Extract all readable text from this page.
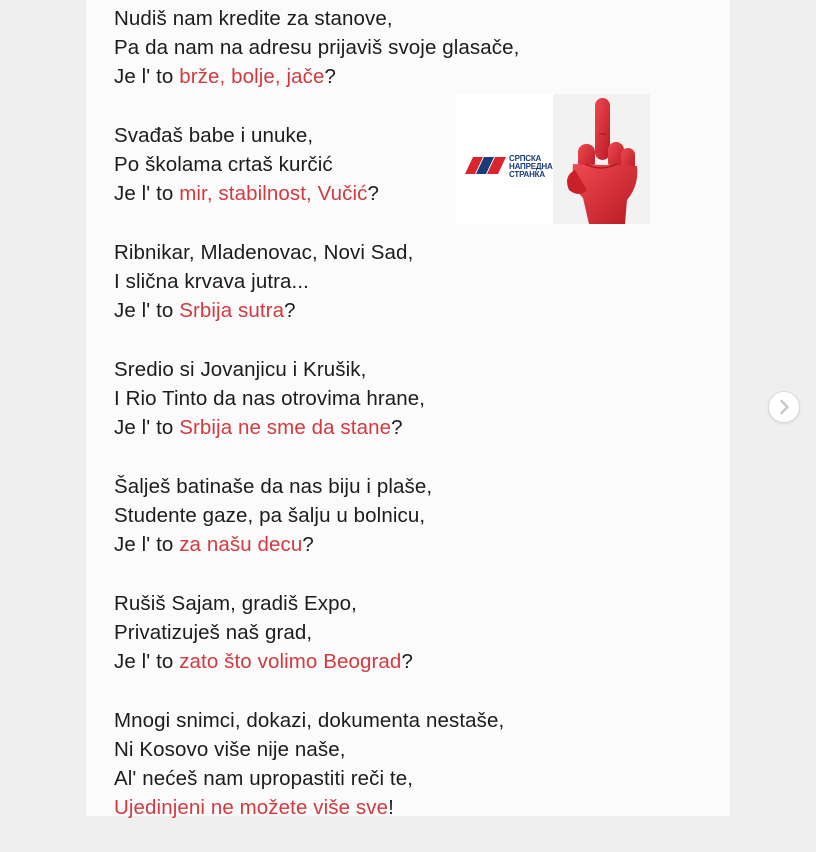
Nudiš nam kredite za stanove,
Pa da nam na adresu prijaviš svoje glasače,
Je l' to brže, bolje, jače?
Svađaš babe i unuke,
Po školama crtaš kurčić
Je l' to mir, stabilnost, Vučić?
Ribnikar, Mladenovac, Novi Sad,
I slična krvava jutra...
Je l' to Srbija sutra?
Sredio si Jovanjicu i Krušik,
I Rio Tinto da nas otrovima hrane,
Je l' to Srbija ne sme da stane?
Šalješ batinaše da nas biju i plaše,
Studente gaze, pa šalju u bolnicu,
Je l' to za našu decu?
Rušiš Sajam, gradiš Expo,
Privatizuješ naš grad,
Je l' to zato što volimo Beograd?
Mnogi snimci, dokazi, dokumenta nestaše,
Ni Kosovo više nije naše,
Al' nećeš nam upropastiti reči te,
Ujedinjeni ne možete više sve!
СРПСКА
НАПРЕДНА
СТРАНКА
